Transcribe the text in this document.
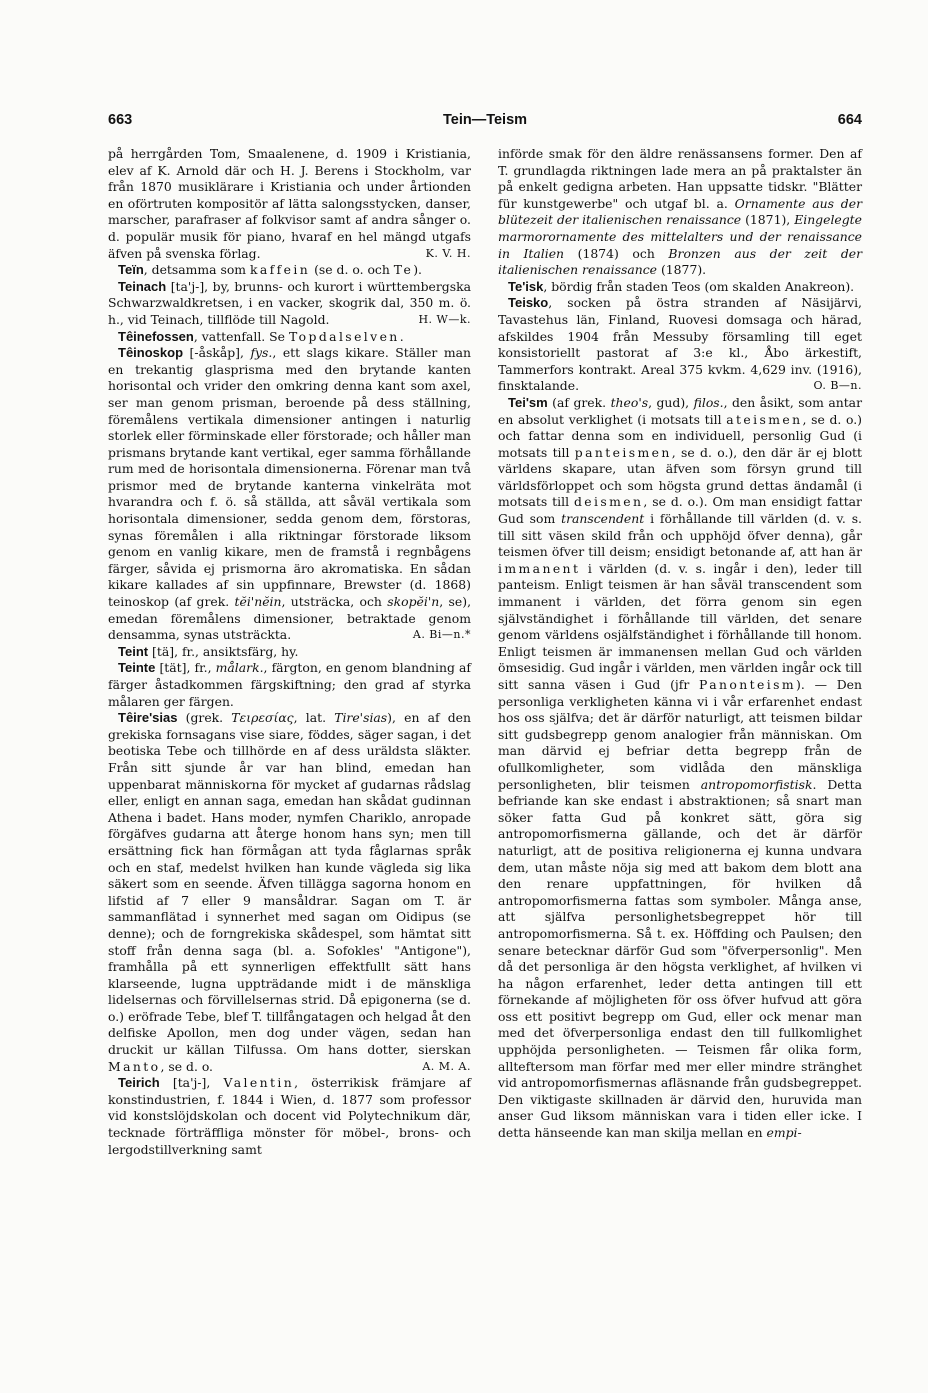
663	Tein—Teism	664

på herrgården Tom, Smaalenene, d. 1909 i Kristiania, elev af K. Arnold där och H. J. Berens i Stockholm, var från 1870 musiklärare i Kristiania och under årtionden en oförtruten kompositör af lätta salongsstycken, danser, marscher, parafraser af folkvisor samt af andra sånger o. d. populär musik för piano, hvaraf en hel mängd utgafs äfven på svenska förlag.	K. V. H.

Teïn, detsamma som kaffein (se d. o. och Te).

Teinach [ta'j-], by, brunns- och kurort i württembergska Schwarzwaldkretsen, i en vacker, skogrik dal, 350 m. ö. h., vid Teinach, tillflöde till Nagold.	H. W—k.

Têinefossen, vattenfall. Se Topdalselven.

Têinoskop [-åskåp], fys., ett slags kikare. Ställer man en trekantig glasprisma med den brytande kanten horisontal och vrider den omkring denna kant som axel, ser man genom prisman, beroende på dess ställning, föremålens vertikala dimensioner antingen i naturlig storlek eller förminskade eller förstorade; och håller man prismans brytande kant vertikal, eger samma förhållande rum med de horisontala dimensionerna. Förenar man två prismor med de brytande kanterna vinkelräta mot hvarandra och f. ö. så ställda, att såväl vertikala som horisontala dimensioner, sedda genom dem, förstoras, synas föremålen i alla riktningar förstorade liksom genom en vanlig kikare, men de framstå i regnbågens färger, såvida ej prismorna äro akromatiska. En sådan kikare kallades af sin uppfinnare, Brewster (d. 1868) teinoskop (af grek. tĕi'nĕin, utsträcka, och skopĕi'n, se), emedan föremålens dimensioner, betraktade genom densamma, synas utsträckta.	A. Bi—n.*

Teint [tä], fr., ansiktsfärg, hy.

Teinte [tät], fr., målark., färgton, en genom blandning af färger åstadkommen färgskiftning; den grad af styrka målaren ger färgen.

Têire'sias (grek. Τειρεσίας, lat. Tire'sias), en af den grekiska fornsagans vise siare, föddes, säger sagan, i det beotiska Tebe och tillhörde en af dess uräldsta släkter. Från sitt sjunde år var han blind, emedan han uppenbarat människorna för mycket af gudarnas rådslag eller, enligt en annan saga, emedan han skådat gudinnan Athena i badet. Hans moder, nymfen Chariklo, anropade förgäfves gudarna att återge honom hans syn; men till ersättning fick han förmågan att tyda fåglarnas språk och en staf, medelst hvilken han kunde vägleda sig lika säkert som en seende. Äfven tillägga sagorna honom en lifstid af 7 eller 9 mansåldrar. Sagan om T. är sammanflätad i synnerhet med sagan om Oidipus (se denne); och de forngrekiska skådespel, som hämtat sitt stoff från denna saga (bl. a. Sofokles' "Antigone"), framhålla på ett synnerligen effektfullt sätt hans klarseende, lugna uppträdande midt i de mänskliga lidelsernas och förvillelsernas strid. Då epigonerna (se d. o.) eröfrade Tebe, blef T. tillfångatagen och helgad åt den delfiske Apollon, men dog under vägen, sedan han druckit ur källan Tilfussa. Om hans dotter, sierskan Manto, se d. o.	A. M. A.

Teirich [ta'j-], Valentin, österrikisk främjare af konstindustrien, f. 1844 i Wien, d. 1877 som professor vid konstslöjdskolan och docent vid Polytechnikum där, tecknade förträffliga mönster för möbel-, brons- och lergodstillverkning samt

införde smak för den äldre renässansens former. Den af T. grundlagda riktningen lade mera an på praktalster än på enkelt gedigna arbeten. Han uppsatte tidskr. "Blätter für kunstgewerbe" och utgaf bl. a. Ornamente aus der blütezeit der italienischen renaissance (1871), Eingelegte marmorornamente des mittelalters und der renaissance in Italien (1874) och Bronzen aus der zeit der italienischen renaissance (1877).

Te'isk, bördig från staden Teos (om skalden Anakreon).

Teisko, socken på östra stranden af Näsijärvi, Tavastehus län, Finland, Ruovesi domsaga och härad, afskildes 1904 från Messuby församling till eget konsistoriellt pastorat af 3:e kl., Åbo ärkestift, Tammerfors kontrakt. Areal 375 kvkm. 4,629 inv. (1916), finsktalande.	O. B—n.

Tei'sm (af grek. theo's, gud), filos., den åsikt, som antar en absolut verklighet (i motsats till ateismen, se d. o.) och fattar denna som en individuell, personlig Gud (i motsats till panteismen, se d. o.), den där är ej blott världens skapare, utan äfven som försyn grund till världsförloppet och som högsta grund dettas ändamål (i motsats till deismen, se d. o.). Om man ensidigt fattar Gud som transcendent i förhållande till världen (d. v. s. till sitt väsen skild från och upphöjd öfver denna), går teismen öfver till deism; ensidigt betonande af, att han är immanent i världen (d. v. s. ingår i den), leder till panteism. Enligt teismen är han såväl transcendent som immanent i världen, det förra genom sin egen självständighet i förhållande till världen, det senare genom världens osjälfständighet i förhållande till honom. Enligt teismen är immanensen mellan Gud och världen ömsesidig. Gud ingår i världen, men världen ingår ock till sitt sanna väsen i Gud (jfr Panonteism). — Den personliga verkligheten känna vi i vår erfarenhet endast hos oss själfva; det är därför naturligt, att teismen bildar sitt gudsbegrepp genom analogier från människan. Om man därvid ej befriar detta begrepp från de ofullkomligheter, som vidlåda den mänskliga personligheten, blir teismen antropomorfistisk. Detta befriande kan ske endast i abstraktionen; så snart man söker fatta Gud på konkret sätt, göra sig antropomorfismerna gällande, och det är därför naturligt, att de positiva religionerna ej kunna undvara dem, utan måste nöja sig med att bakom dem blott ana den renare uppfattningen, för hvilken då antropomorfismerna fattas som symboler. Många anse, att själfva personlighetsbegreppet hör till antropomorfismerna. Så t. ex. Höffding och Paulsen; den senare betecknar därför Gud som "öfverpersonlig". Men då det personliga är den högsta verklighet, af hvilken vi ha någon erfarenhet, leder detta antingen till ett förnekande af möjligheten för oss öfver hufvud att göra oss ett positivt begrepp om Gud, eller ock menar man med det öfverpersonliga endast den till fullkomlighet upphöjda personligheten. — Teismen får olika form, allteftersom man förfar med mer eller mindre stränghet vid antropomorfismernas afläsnande från gudsbegreppet. Den viktigaste skillnaden är därvid den, huruvida man anser Gud liksom människan vara i tiden eller icke. I detta hänseende kan man skilja mellan en empi-
